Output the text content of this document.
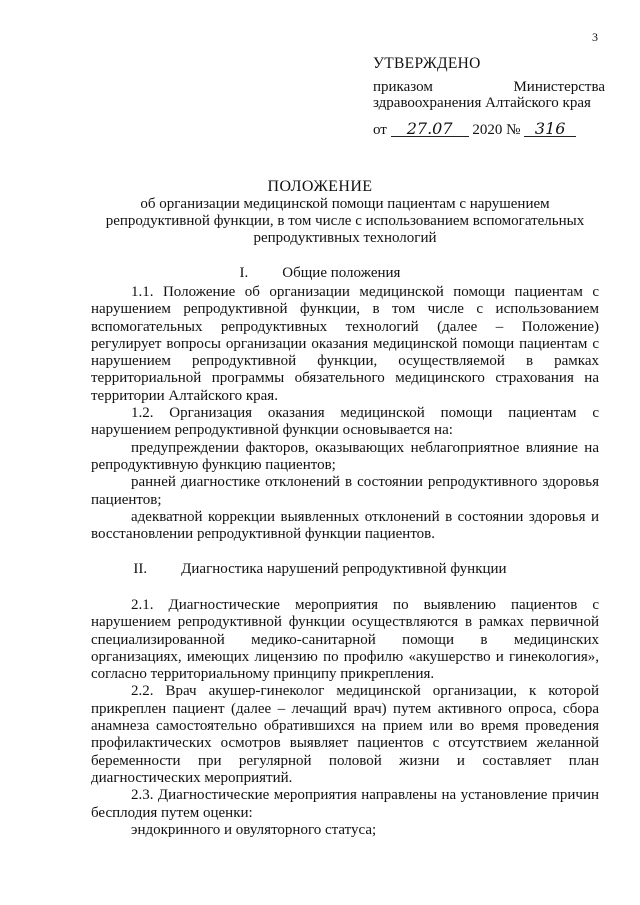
3
УТВЕРЖДЕНО
приказом	Министерства
здравоохранения Алтайского края
от 27.07 2020 № 316
ПОЛОЖЕНИЕ
об организации медицинской помощи пациентам с нарушением репродуктивной функции, в том числе с использованием вспомогательных репродуктивных технологий
I. Общие положения

1.1. Положение об организации медицинской помощи пациентам с нарушением репродуктивной функции, в том числе с использованием вспомогательных репродуктивных технологий (далее – Положение) регулирует вопросы организации оказания медицинской помощи пациентам с нарушением репродуктивной функции, осуществляемой в рамках территориальной программы обязательного медицинского страхования на территории Алтайского края.

1.2. Организация оказания медицинской помощи пациентам с нарушением репродуктивной функции основывается на:

предупреждении факторов, оказывающих неблагоприятное влияние на репродуктивную функцию пациентов;

ранней диагностике отклонений в состоянии репродуктивного здоровья пациентов;

адекватной коррекции выявленных отклонений в состоянии здоровья и восстановлении репродуктивной функции пациентов.

II. Диагностика нарушений репродуктивной функции

2.1. Диагностические мероприятия по выявлению пациентов с нарушением репродуктивной функции осуществляются в рамках первичной специализированной медико-санитарной помощи в медицинских организациях, имеющих лицензию по профилю «акушерство и гинекология», согласно территориальному принципу прикрепления.

2.2. Врач акушер-гинеколог медицинской организации, к которой прикреплен пациент (далее – лечащий врач) путем активного опроса, сбора анамнеза самостоятельно обратившихся на прием или во время проведения профилактических осмотров выявляет пациентов с отсутствием желанной беременности при регулярной половой жизни и составляет план диагностических мероприятий.

2.3. Диагностические мероприятия направлены на установление причин бесплодия путем оценки:

эндокринного и овуляторного статуса;
